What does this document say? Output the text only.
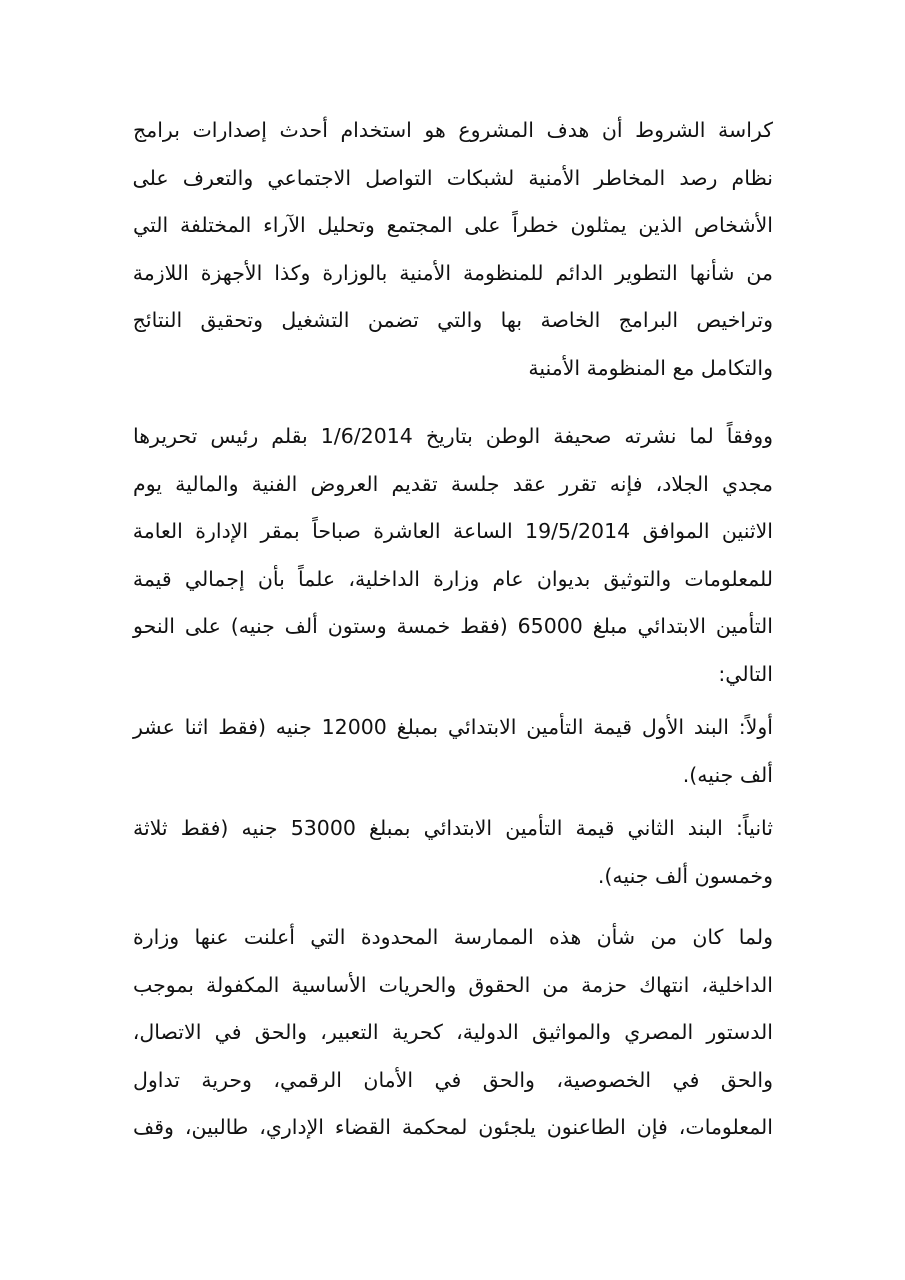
كراسة الشروط أن هدف المشروع هو استخدام أحدث إصدارات برامج
نظام رصد المخاطر الأمنية لشبكات التواصل الاجتماعي والتعرف على
الأشخاص الذين يمثلون خطراً على المجتمع وتحليل الآراء المختلفة التي
من شأنها التطوير الدائم للمنظومة الأمنية بالوزارة وكذا الأجهزة اللازمة
وتراخيص البرامج الخاصة بها والتي تضمن التشغيل وتحقيق النتائج
والتكامل مع المنظومة الأمنية

ووفقاً لما نشرته صحيفة الوطن بتاريخ 1/6/2014 بقلم رئيس تحريرها
مجدي الجلاد، فإنه تقرر عقد جلسة تقديم العروض الفنية والمالية يوم
الاثنين الموافق 19/5/2014 الساعة العاشرة صباحاً بمقر الإدارة العامة
للمعلومات والتوثيق بديوان عام وزارة الداخلية، علماً بأن إجمالي قيمة
التأمين الابتدائي مبلغ 65000 (فقط خمسة وستون ألف جنيه) على النحو
التالي:

أولاً: البند الأول قيمة التأمين الابتدائي بمبلغ 12000 جنيه (فقط اثنا عشر
ألف جنيه).

ثانياً: البند الثاني قيمة التأمين الابتدائي بمبلغ 53000 جنيه (فقط ثلاثة
وخمسون ألف جنيه).

ولما كان من شأن هذه الممارسة المحدودة التي أعلنت عنها وزارة
الداخلية، انتهاك حزمة من الحقوق والحريات الأساسية المكفولة بموجب
الدستور المصري والمواثيق الدولية، كحرية التعبير، والحق في الاتصال،
والحق في الخصوصية، والحق في الأمان الرقمي، وحرية تداول
المعلومات، فإن الطاعنون يلجئون لمحكمة القضاء الإداري، طالبين، وقف
